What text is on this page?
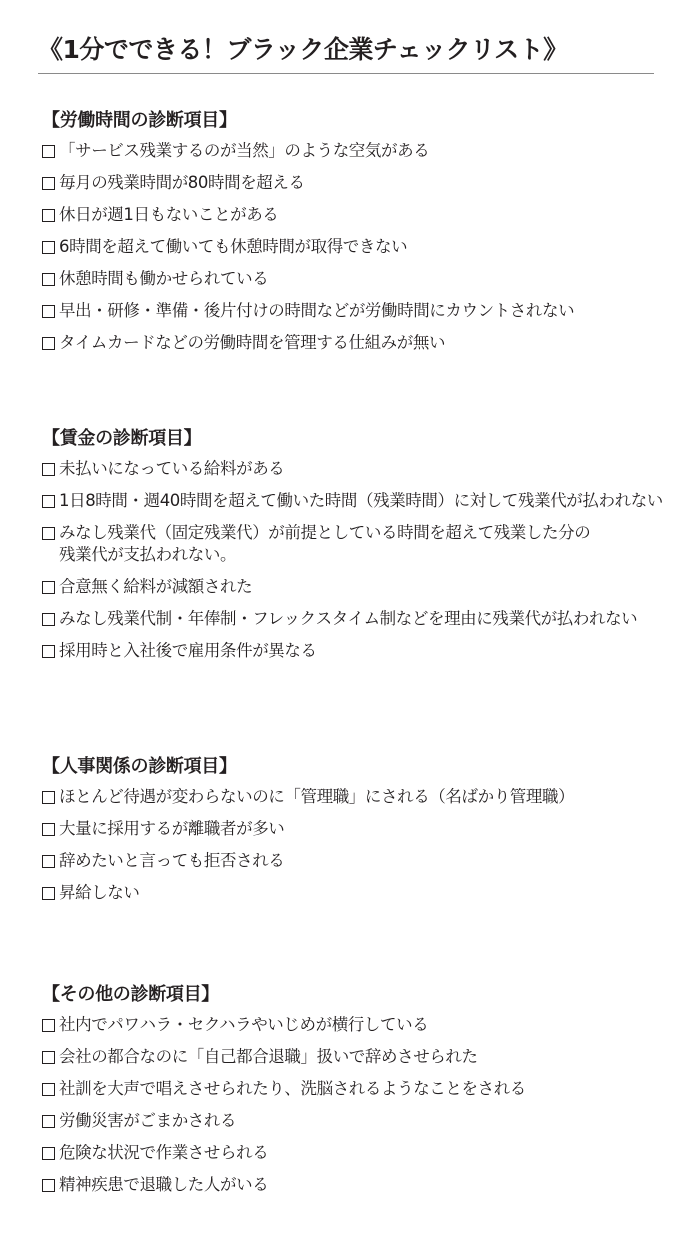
《1分でできる！ブラック企業チェックリスト》
【労働時間の診断項目】
「サービス残業するのが当然」のような空気がある
毎月の残業時間が80時間を超える
休日が週1日もないことがある
6時間を超えて働いても休憩時間が取得できない
休憩時間も働かせられている
早出・研修・準備・後片付けの時間などが労働時間にカウントされない
タイムカードなどの労働時間を管理する仕組みが無い
【賃金の診断項目】
未払いになっている給料がある
1日8時間・週40時間を超えて働いた時間（残業時間）に対して残業代が払われない
みなし残業代（固定残業代）が前提としている時間を超えて残業した分の
残業代が支払われない。
合意無く給料が減額された
みなし残業代制・年俸制・フレックスタイム制などを理由に残業代が払われない
採用時と入社後で雇用条件が異なる
【人事関係の診断項目】
ほとんど待遇が変わらないのに「管理職」にされる（名ばかり管理職）
大量に採用するが離職者が多い
辞めたいと言っても拒否される
昇給しない
【その他の診断項目】
社内でパワハラ・セクハラやいじめが横行している
会社の都合なのに「自己都合退職」扱いで辞めさせられた
社訓を大声で唱えさせられたり、洗脳されるようなことをされる
労働災害がごまかされる
危険な状況で作業させられる
精神疾患で退職した人がいる
